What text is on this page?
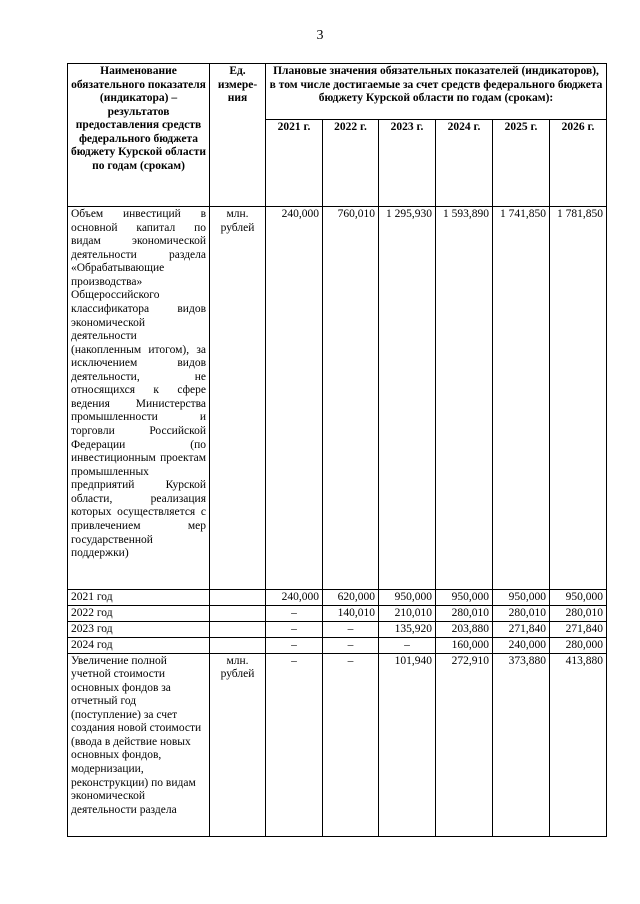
3
Наименование обязательного показателя (индикатора) – результатов предоставления средств федерального бюджета бюджету Курской области по годам (срокам)	Ед. измере-ния	Плановые значения обязательных показателей (индикаторов), в том числе достигаемые за счет средств федерального бюджета бюджету Курской области по годам (срокам):					
		2021 г.	2022 г.	2023 г.	2024 г.	2025 г.	2026 г.
Объем инвестиций в основной капитал по видам экономической деятельности раздела «Обрабатывающие производства» Общероссийского классификатора видов экономической деятельности (накопленным итогом), за исключением видов деятельности, не относящихся к сфере ведения Министерства промышленности и торговли Российской Федерации (по инвестиционным проектам промышленных предприятий Курской области, реализация которых осуществляется с привлечением мер государственной поддержки)	млн. рублей	240,000	760,010	1 295,930	1 593,890	1 741,850	1 781,850
2021 год		240,000	620,000	950,000	950,000	950,000	950,000
2022 год		–	140,010	210,010	280,010	280,010	280,010
2023 год		–	–	135,920	203,880	271,840	271,840
2024 год		–	–	–	160,000	240,000	280,000
Увеличение полной учетной стоимости основных фондов за отчетный год (поступление) за счет создания новой стоимости (ввода в действие новых основных фондов, модернизации, реконструкции) по видам экономической деятельности раздела	млн. рублей	–	–	101,940	272,910	373,880	413,880
